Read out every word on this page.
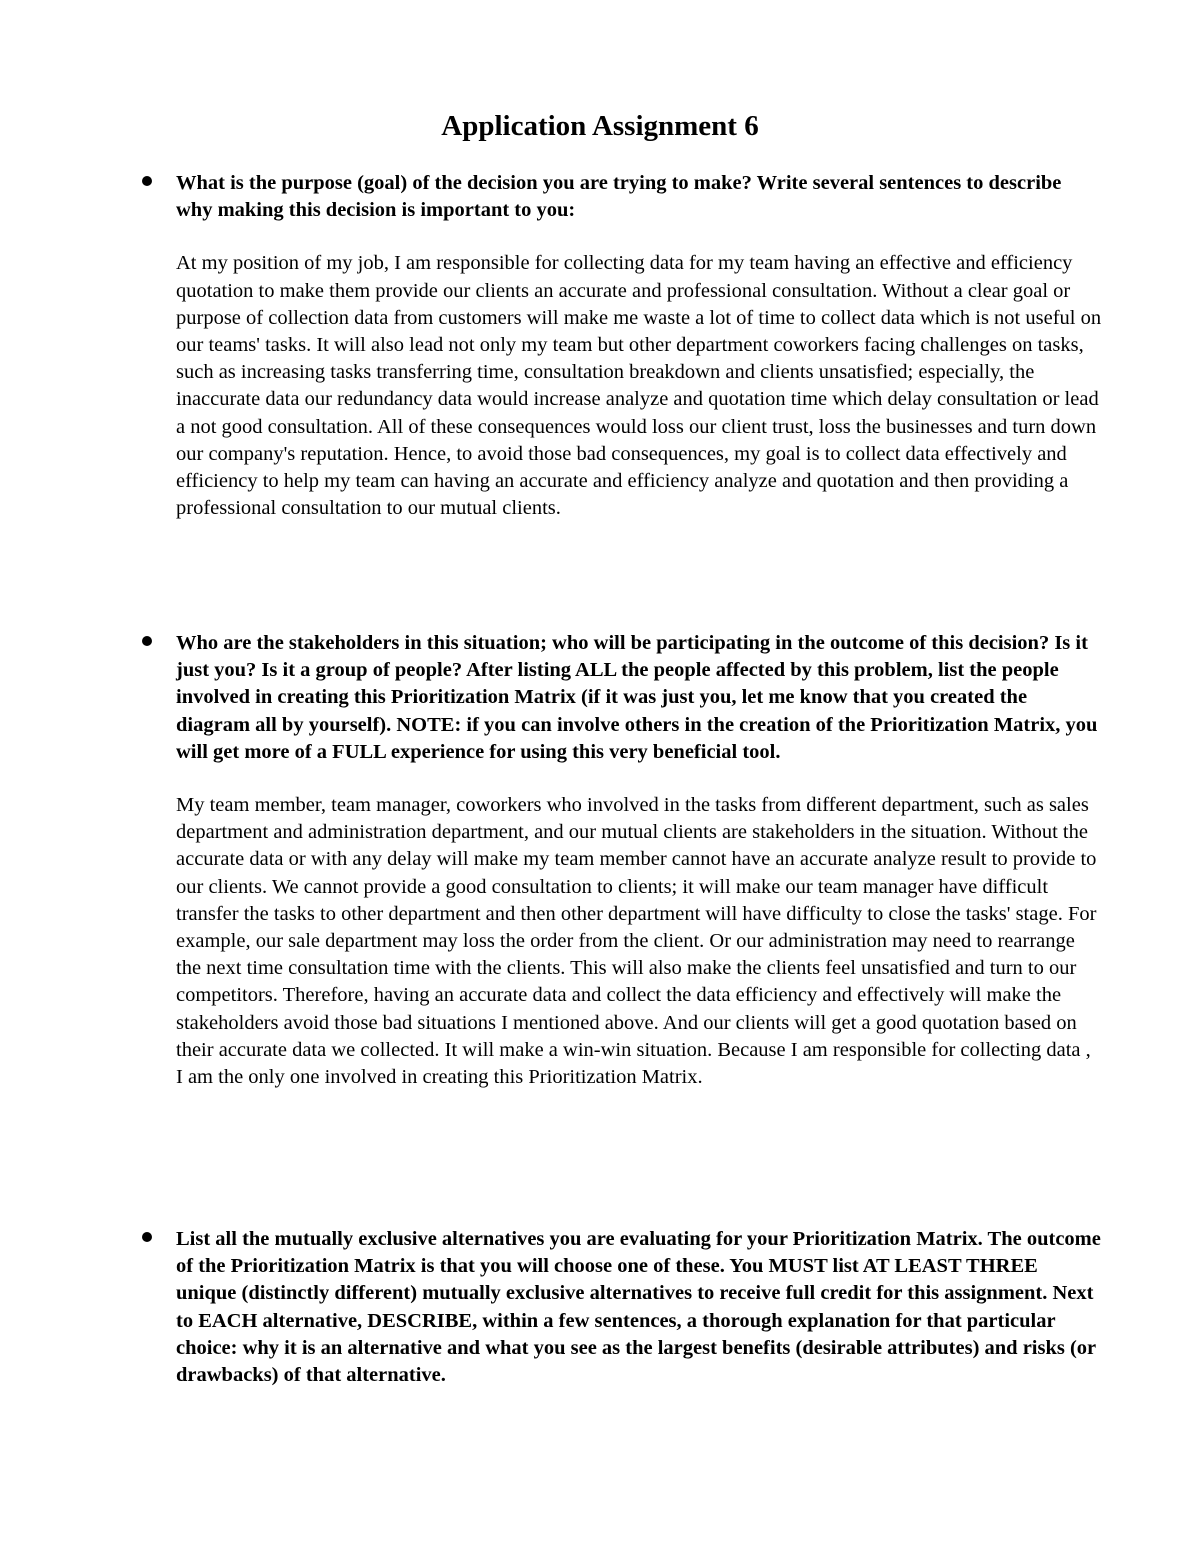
Application Assignment 6

What is the purpose (goal) of the decision you are trying to make? Write several sentences to describe why making this decision is important to you:

At my position of my job, I am responsible for collecting data for my team having an effective and efficiency quotation to make them provide our clients an accurate and professional consultation. Without a clear goal or purpose of collection data from customers will make me waste a lot of time to collect data which is not useful on our teams' tasks. It will also lead not only my team but other department coworkers facing challenges on tasks, such as increasing tasks transferring time, consultation breakdown and clients unsatisfied; especially, the inaccurate data our redundancy data would increase analyze and quotation time which delay consultation or lead a not good consultation. All of these consequences would loss our client trust, loss the businesses and turn down our company's reputation. Hence, to avoid those bad consequences, my goal is to collect data effectively and efficiency to help my team can having an accurate and efficiency analyze and quotation and then providing a professional consultation to our mutual clients.

Who are the stakeholders in this situation; who will be participating in the outcome of this decision? Is it just you? Is it a group of people? After listing ALL the people affected by this problem, list the people involved in creating this Prioritization Matrix (if it was just you, let me know that you created the diagram all by yourself). NOTE: if you can involve others in the creation of the Prioritization Matrix, you will get more of a FULL experience for using this very beneficial tool.

My team member, team manager, coworkers who involved in the tasks from different department, such as sales department and administration department, and our mutual clients are stakeholders in the situation. Without the accurate data or with any delay will make my team member cannot have an accurate analyze result to provide to our clients. We cannot provide a good consultation to clients; it will make our team manager have difficult transfer the tasks to other department and then other department will have difficulty to close the tasks' stage. For example, our sale department may loss the order from the client. Or our administration may need to rearrange the next time consultation time with the clients. This will also make the clients feel unsatisfied and turn to our competitors. Therefore, having an accurate data and collect the data efficiency and effectively will make the stakeholders avoid those bad situations I mentioned above. And our clients will get a good quotation based on their accurate data we collected. It will make a win-win situation. Because I am responsible for collecting data , I am the only one involved in creating this Prioritization Matrix.

List all the mutually exclusive alternatives you are evaluating for your Prioritization Matrix. The outcome of the Prioritization Matrix is that you will choose one of these. You MUST list AT LEAST THREE unique (distinctly different) mutually exclusive alternatives to receive full credit for this assignment. Next to EACH alternative, DESCRIBE, within a few sentences, a thorough explanation for that particular choice: why it is an alternative and what you see as the largest benefits (desirable attributes) and risks (or drawbacks) of that alternative.
